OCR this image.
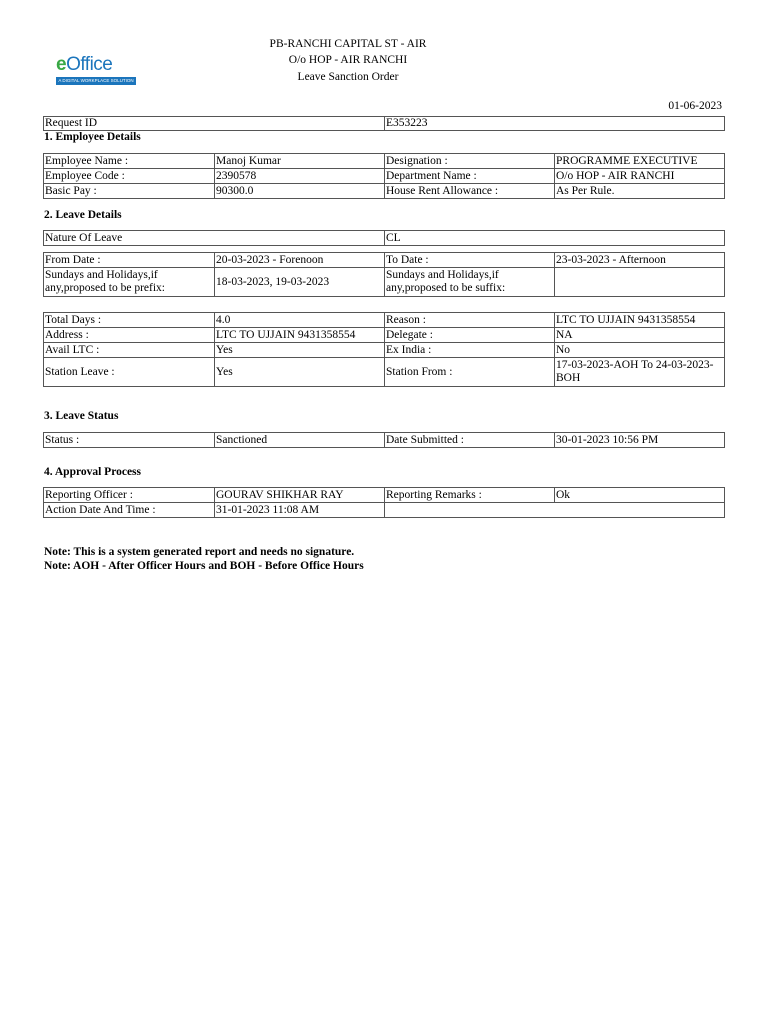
eOffice
A DIGITAL WORKPLACE SOLUTION
PB-RANCHI CAPITAL ST - AIR
O/o HOP - AIR RANCHI
Leave Sanction Order
01-06-2023
Request ID	E353223
1. Employee Details
Employee Name :	Manoj Kumar	Designation :	PROGRAMME EXECUTIVE
Employee Code :	2390578	Department Name :	O/o HOP - AIR RANCHI
Basic Pay :	90300.0	House Rent Allowance :	As Per Rule.
2. Leave Details
Nature Of Leave	CL
From Date :	20-03-2023 - Forenoon	To Date :	23-03-2023 - Afternoon
Sundays and Holidays,if any,proposed to be prefix:	18-03-2023, 19-03-2023	Sundays and Holidays,if any,proposed to be suffix:	
Total Days :	4.0	Reason :	LTC TO UJJAIN 9431358554
Address :	LTC TO UJJAIN 9431358554	Delegate :	NA
Avail LTC :	Yes	Ex India :	No
Station Leave :	Yes	Station From :	17-03-2023-AOH To 24-03-2023-BOH
3. Leave Status
Status :	Sanctioned	Date Submitted :	30-01-2023 10:56 PM
4. Approval Process
Reporting Officer :	GOURAV SHIKHAR RAY	Reporting Remarks :	Ok
Action Date And Time :	31-01-2023 11:08 AM		
Note: This is a system generated report and needs no signature.
Note: AOH - After Officer Hours and BOH - Before Office Hours
